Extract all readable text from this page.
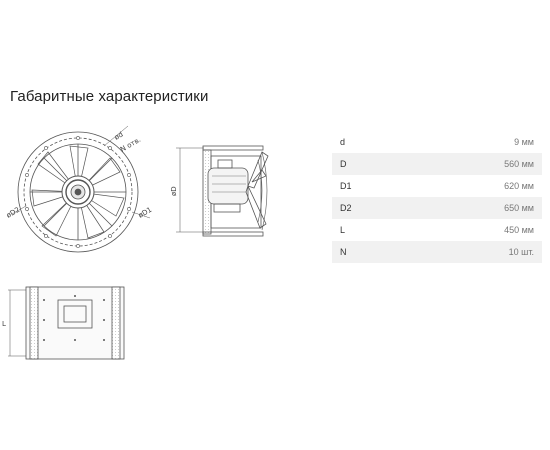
Габаритные характеристики
ød
N отв.
øD2	øD1
øD
L
d	9 мм
D	560 мм
D1	620 мм
D2	650 мм
L	450 мм
N	10 шт.
